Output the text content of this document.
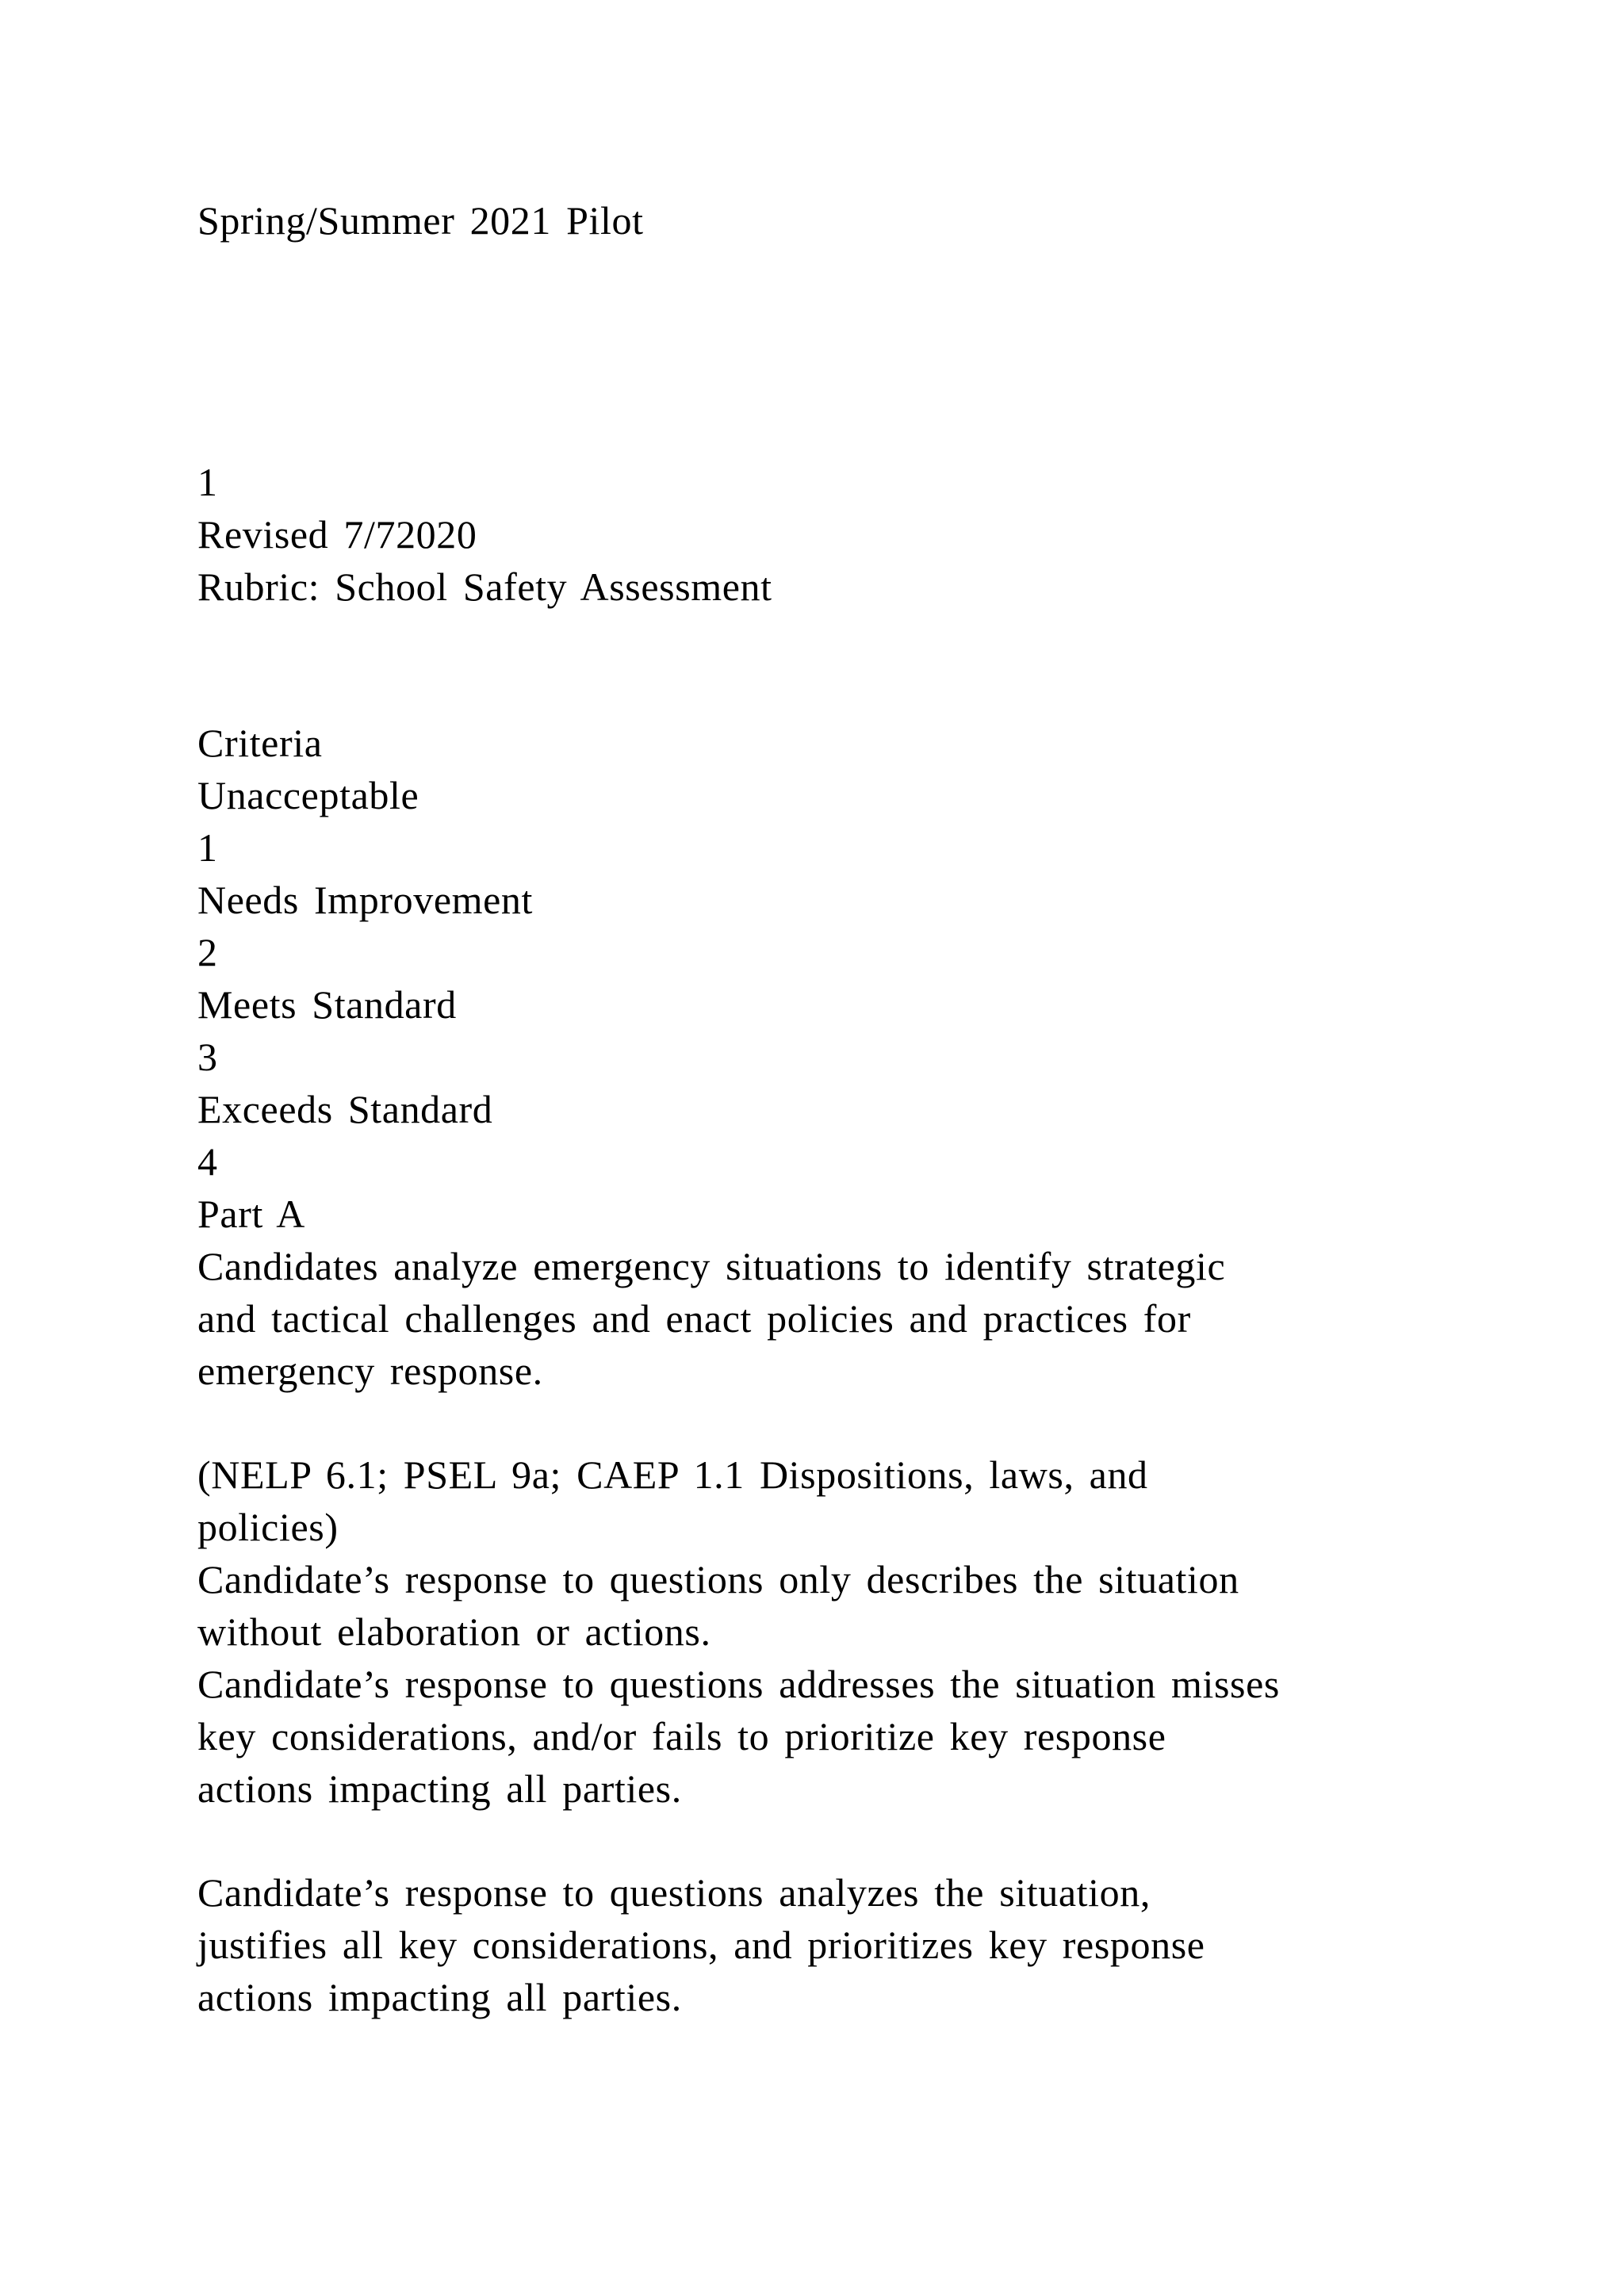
Spring/Summer 2021 Pilot
1
Revised 7/72020
Rubric: School Safety Assessment
Criteria
Unacceptable
1
Needs Improvement
2
Meets Standard
3
Exceeds Standard
4
Part A
Candidates analyze emergency situations to identify strategic
and tactical challenges and enact policies and practices for
emergency response.
(NELP 6.1; PSEL 9a; CAEP 1.1 Dispositions, laws, and
policies)
Candidate’s response to questions only describes the situation
without elaboration or actions.
Candidate’s response to questions addresses the situation misses
key considerations, and/or fails to prioritize key response
actions impacting all parties.
Candidate’s response to questions analyzes the situation,
justifies all key considerations, and prioritizes key response
actions impacting all parties.
